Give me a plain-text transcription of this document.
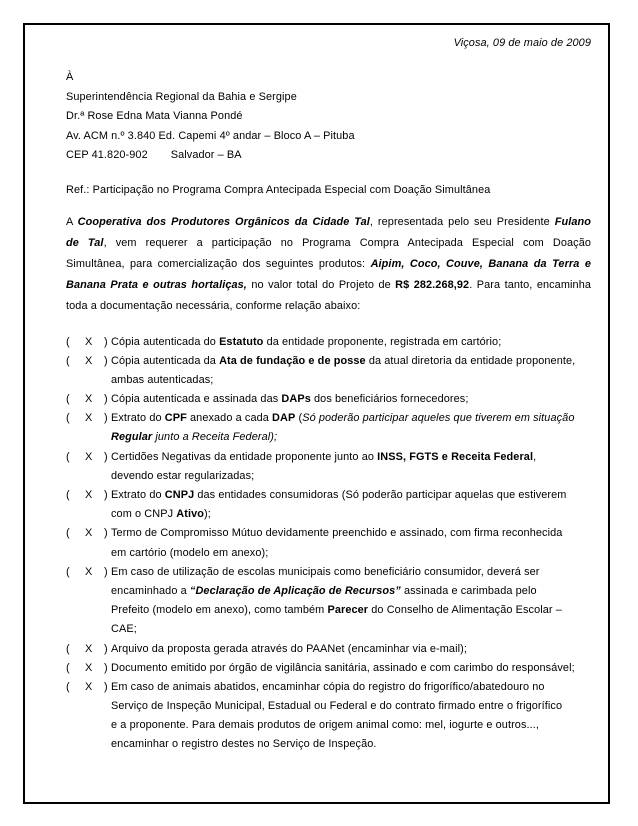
Viçosa, 09 de maio de 2009

À
Superintendência Regional da Bahia e Sergipe
Dr.ª Rose Edna Mata Vianna Pondé
Av. ACM n.º 3.840 Ed. Capemi 4º andar – Bloco A – Pituba
CEP 41.820-902 Salvador – BA
Ref.: Participação no Programa Compra Antecipada Especial com Doação Simultânea
A Cooperativa dos Produtores Orgânicos da Cidade Tal, representada pelo seu Presidente Fulano
de Tal, vem requerer a participação no Programa Compra Antecipada Especial com Doação
Simultânea, para comercialização dos seguintes produtos: Aipim, Coco, Couve, Banana da Terra e
Banana Prata e outras hortaliças, no valor total do Projeto de R$ 282.268,92. Para tanto, encaminha
toda a documentação necessária, conforme relação abaixo:
( X ) Cópia autenticada do Estatuto da entidade proponente, registrada em cartório;
( X ) Cópia autenticada da Ata de fundação e de posse da atual diretoria da entidade proponente,
ambas autenticadas;
( X ) Cópia autenticada e assinada das DAPs dos beneficiários fornecedores;
( X ) Extrato do CPF anexado a cada DAP (Só poderão participar aqueles que tiverem em situação
Regular junto a Receita Federal);
( X ) Certidões Negativas da entidade proponente junto ao INSS, FGTS e Receita Federal,
devendo estar regularizadas;
( X ) Extrato do CNPJ das entidades consumidoras (Só poderão participar aquelas que estiverem
com o CNPJ Ativo);
( X ) Termo de Compromisso Mútuo devidamente preenchido e assinado, com firma reconhecida
em cartório (modelo em anexo);
( X ) Em caso de utilização de escolas municipais como beneficiário consumidor, deverá ser
encaminhado a “Declaração de Aplicação de Recursos” assinada e carimbada pelo
Prefeito (modelo em anexo), como também Parecer do Conselho de Alimentação Escolar –
CAE;
( X ) Arquivo da proposta gerada através do PAANet (encaminhar via e-mail);
( X ) Documento emitido por órgão de vigilância sanitária, assinado e com carimbo do responsável;
( X ) Em caso de animais abatidos, encaminhar cópia do registro do frigorífico/abatedouro no
Serviço de Inspeção Municipal, Estadual ou Federal e do contrato firmado entre o frigorífico
e a proponente. Para demais produtos de origem animal como: mel, iogurte e outros...,
encaminhar o registro destes no Serviço de Inspeção.
